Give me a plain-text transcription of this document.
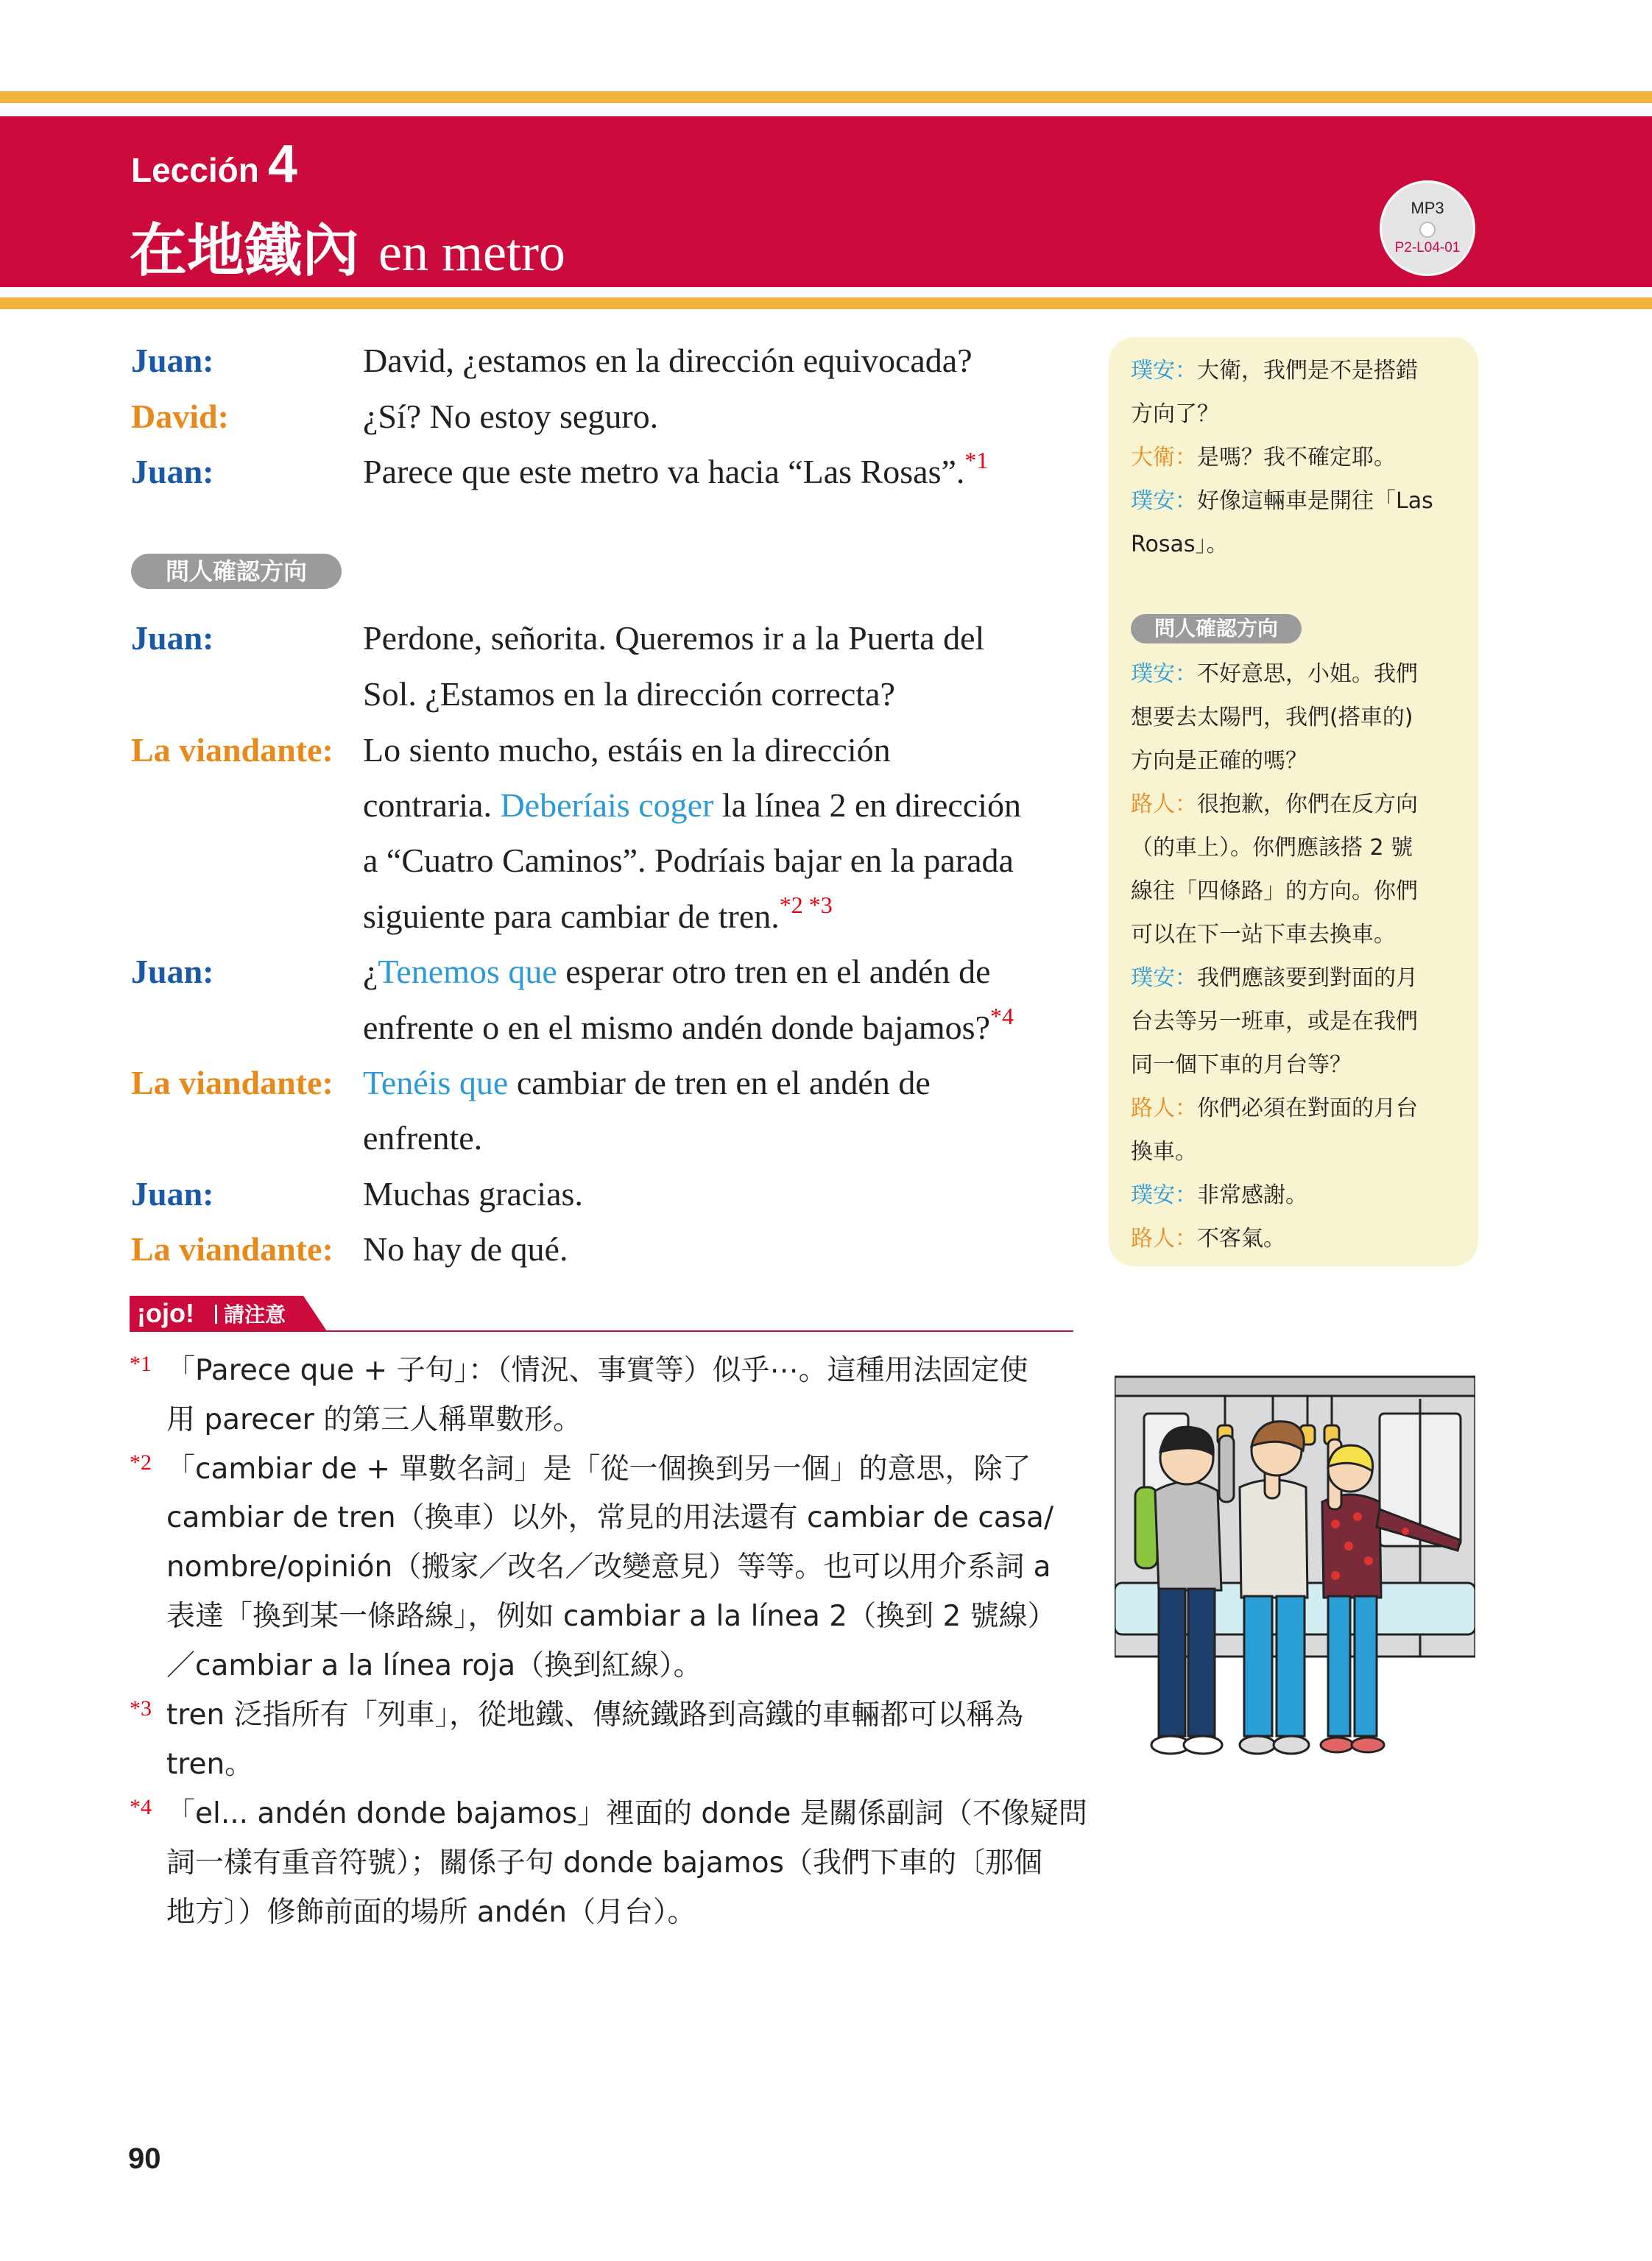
Lección 4
在地鐵內 en metro
MP3
P2-L04-01
Juan:	David, ¿estamos en la dirección equivocada?
David:	¿Sí? No estoy seguro.
Juan:	Parece que este metro va hacia “Las Rosas”.$^{*1}$
問人確認方向
Juan:	Perdone, señorita. Queremos ir a la Puerta del
Sol. ¿Estamos en la dirección correcta?
La viandante: Lo siento mucho, estáis en la dirección
contraria. Deberíais coger la línea 2 en dirección
a “Cuatro Caminos”. Podríais bajar en la parada
siguiente para cambiar de tren.$^{*2 *3}$
Juan:	¿Tenemos que esperar otro tren en el andén de
enfrente o en el mismo andén donde bajamos?$^{*4}$
La viandante: Tenéis que cambiar de tren en el andén de
enfrente.
Juan:	Muchas gracias.
La viandante: No hay de qué.
璞安：大衛，我們是不是搭錯
方向了？
大衛：是嗎？我不確定耶。
璞安：好像這輛車是開往「Las
Rosas」。
問人確認方向
璞安：不好意思，小姐。我們
想要去太陽門，我們(搭車的)
方向是正確的嗎？
路人：很抱歉，你們在反方向
（的車上）。你們應該搭 2 號
線往「四條路」的方向。你們
可以在下一站下車去換車。
璞安：我們應該要到對面的月
台去等另一班車，或是在我們
同一個下車的月台等？
路人：你們必須在對面的月台
換車。
璞安：非常感謝。
路人：不客氣。
¡ojo! 請注意
*1 「Parece que + 子句」：（情況、事實等）似乎⋯。這種用法固定使
用 parecer 的第三人稱單數形。
*2 「cambiar de + 單數名詞」是「從一個換到另一個」的意思，除了
cambiar de tren（換車）以外，常見的用法還有 cambiar de casa/
nombre/opinión（搬家／改名／改變意見）等等。也可以用介系詞 a
表達「換到某一條路線」，例如 cambiar a la línea 2（換到 2 號線）
／cambiar a la línea roja（換到紅線）。
*3 tren 泛指所有「列車」，從地鐵、傳統鐵路到高鐵的車輛都可以稱為
tren。
*4 「el... andén donde bajamos」裡面的 donde 是關係副詞（不像疑問
詞一樣有重音符號）；關係子句 donde bajamos（我們下車的〔那個
地方〕）修飾前面的場所 andén（月台）。
90
